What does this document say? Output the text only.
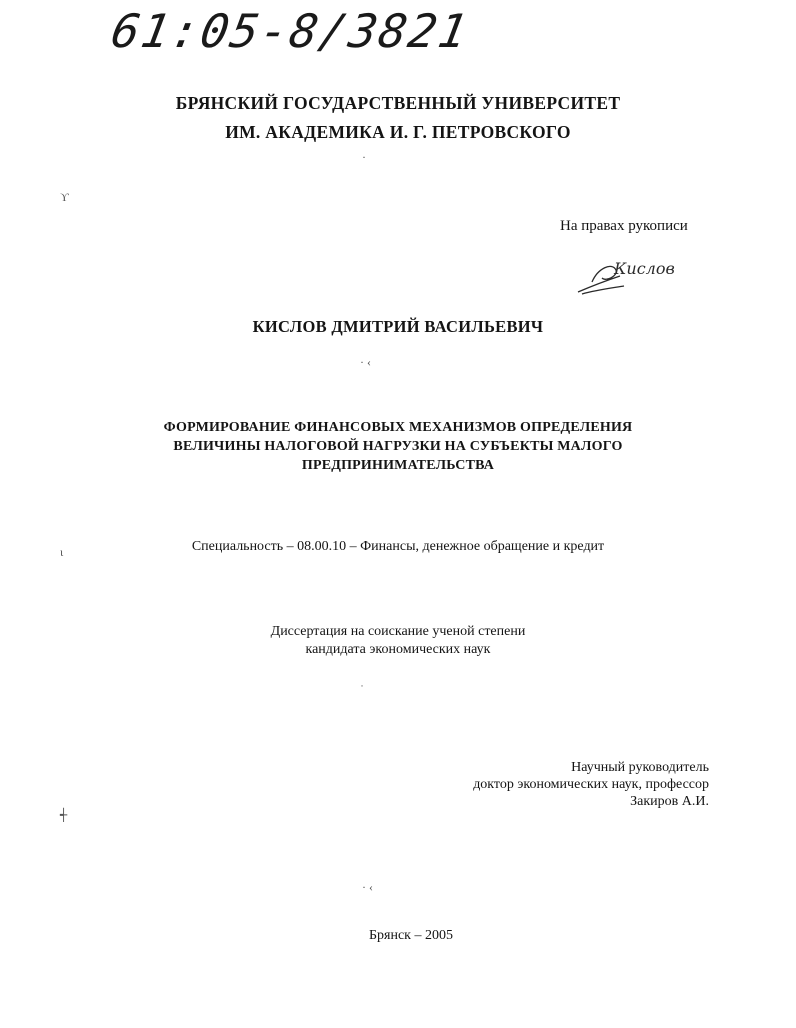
61:05-8/3821
БРЯНСКИЙ ГОСУДАРСТВЕННЫЙ УНИВЕРСИТЕТ
ИМ. АКАДЕМИКА И. Г. ПЕТРОВСКОГО
На правах рукописи
Кислов
КИСЛОВ ДМИТРИЙ ВАСИЛЬЕВИЧ
ФОРМИРОВАНИЕ ФИНАНСОВЫХ МЕХАНИЗМОВ ОПРЕДЕЛЕНИЯ
ВЕЛИЧИНЫ НАЛОГОВОЙ НАГРУЗКИ НА СУБЪЕКТЫ МАЛОГО
ПРЕДПРИНИМАТЕЛЬСТВА
Специальность – 08.00.10 – Финансы, денежное обращение и кредит
Диссертация на соискание ученой степени
кандидата экономических наук
Научный руководитель
доктор экономических наук, профессор
Закиров А.И.
Брянск – 2005
ϒ
ι
┽
·
· ‹
˙
· ‹
